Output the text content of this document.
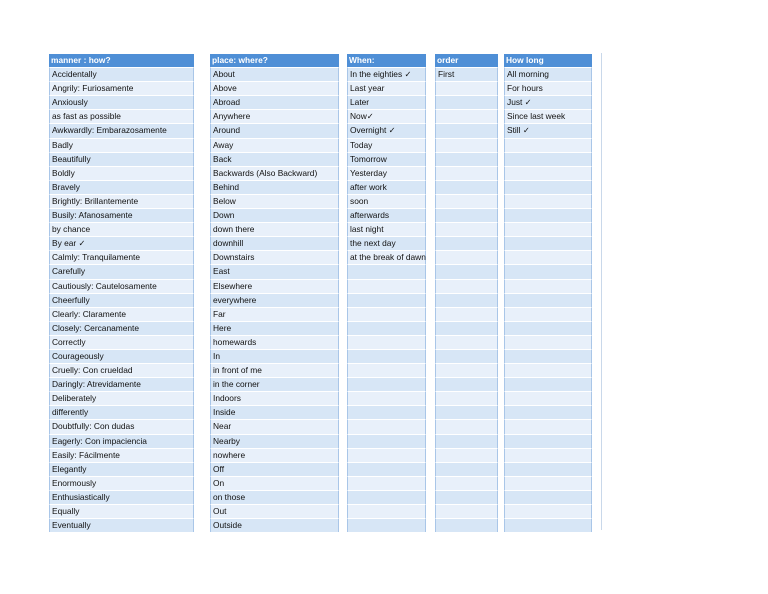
manner : how?
Accidentally
Angrily: Furiosamente
Anxiously
as fast as possible
Awkwardly: Embarazosamente
Badly
Beautifully
Boldly
Bravely
Brightly: Brillantemente
Busily: Afanosamente
by chance
By ear ✓
Calmly: Tranquilamente
Carefully
Cautiously: Cautelosamente
Cheerfully
Clearly: Claramente
Closely: Cercanamente
Correctly
Courageously
Cruelly: Con crueldad
Daringly: Atrevidamente
Deliberately
differently
Doubtfully: Con dudas
Eagerly: Con impaciencia
Easily: Fácilmente
Elegantly
Enormously
Enthusiastically
Equally
Eventually
place: where?
About
Above
Abroad
Anywhere
Around
Away
Back
Backwards (Also Backward)
Behind
Below
Down
down there
downhill
Downstairs
East
Elsewhere
everywhere
Far
Here
homewards
In
in front of me
in the corner
Indoors
Inside
Near
Nearby
nowhere
Off
On
on those
Out
Outside
When:
In the eighties ✓
Last year
Later
Now✓
Overnight ✓
Today
Tomorrow
Yesterday
after work
soon
afterwards
last night
the next day
at the break of dawn
order
First
How long
All morning
For hours
Just ✓
Since last week
Still ✓
